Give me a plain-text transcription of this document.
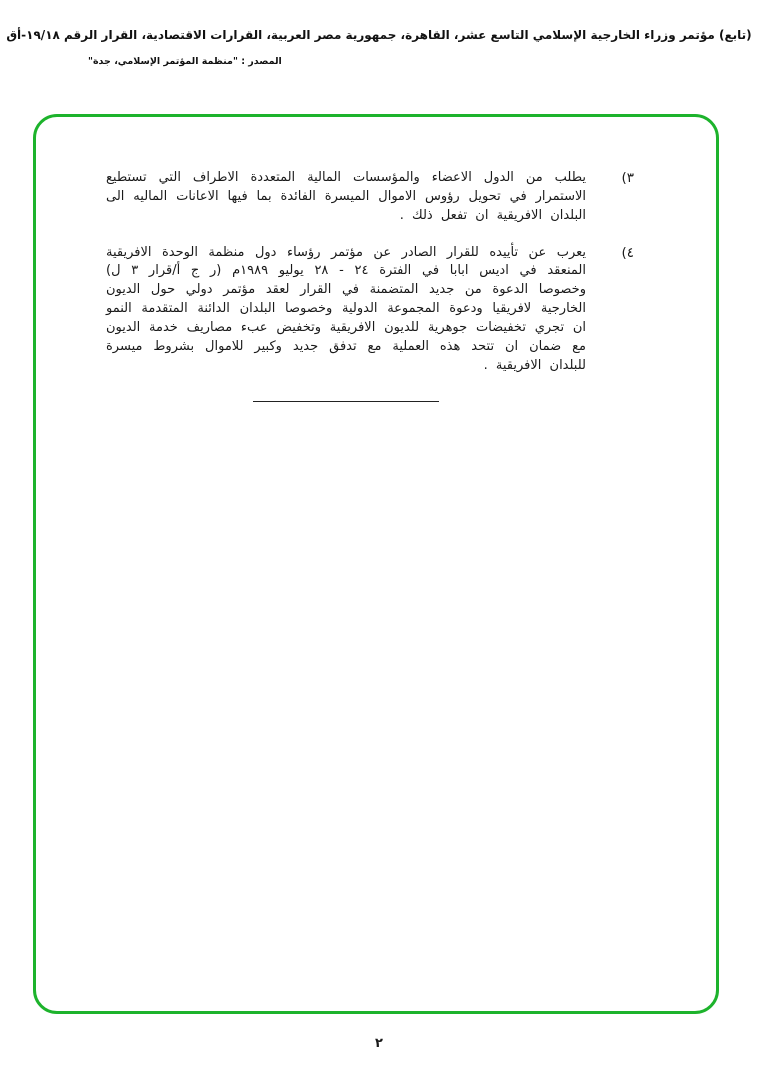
(تابع) مؤتمر وزراء الخارجية الإسلامي التاسع عشر، القاهرة، جمهورية مصر العربية، القرارات الاقتصادية، القرار الرقم ١٩/١٨-أق
المصدر : "منظمة المؤتمر الإسلامي، جدة"
٣)
يطلب من الدول الاعضاء والمؤسسات المالية المتعددة الاطراف التي تستطيع الاستمرار في تحويل رؤوس الاموال الميسرة الفائدة بما فيها الاعانات الماليه الى البلدان الافريقية ان تفعل ذلك .
٤)
يعرب عن تأييده للقرار الصادر عن مؤتمر رؤساء دول منظمة الوحدة الافريقية المنعقد في اديس ابابا في الفترة ٢٤ - ٢٨ يوليو ١٩٨٩م (ر ج أ/قرار ٣ ل) وخصوصا الدعوة من جديد المتضمنة في القرار لعقد مؤتمر دولي حول الديون الخارجية لافريقيا ودعوة المجموعة الدولية وخصوصا البلدان الدائنة المتقدمة النمو ان تجري تخفيضات جوهرية للديون الافريقية وتخفيض عبء مصاريف خدمة الديون مع ضمان ان تتحد هذه العملية مع تدفق جديد وكبير للاموال بشروط ميسرة للبلدان الافريقية .
٢
